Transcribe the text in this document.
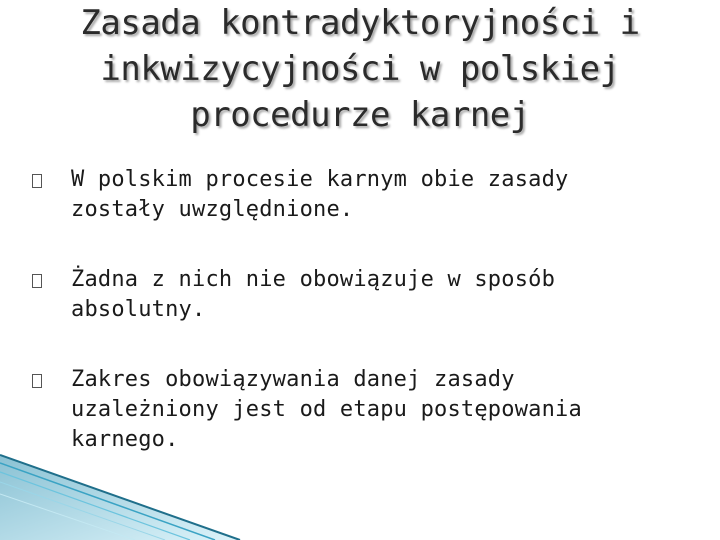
Zasada kontradyktoryjności i
inkwizycyjności w polskiej
procedurze karnej
W polskim procesie karnym obie zasady
zostały uwzględnione.
Żadna z nich nie obowiązuje w sposób
absolutny.
Zakres obowiązywania danej zasady
uzależniony jest od etapu postępowania
karnego.
